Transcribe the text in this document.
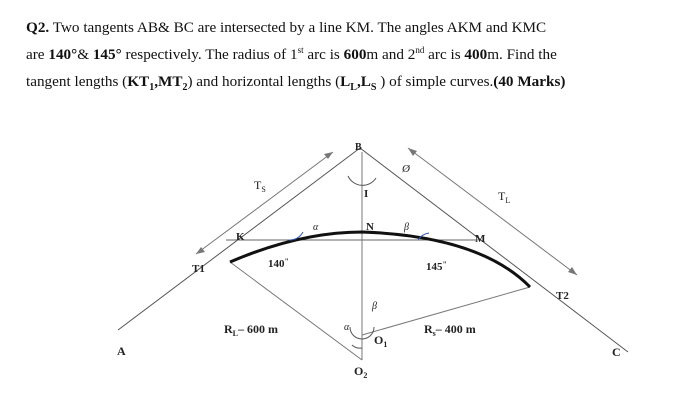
Q2. Two tangents AB& BC are intersected by a line KM. The angles AKM and KMC
are 140°& 145° respectively. The radius of 1st arc is 600m and 2nd arc is 400m. Find the
tangent lengths $(KT_1,MT_2)$ and horizontal lengths ($L_L,L_S$ ) of simple curves.(40 Marks)
A
B
C
K	M
N
T1
T2
$T_S$	$T_L$
I
Ø
α	β
β
α
$O_1$
$O_2$
140"	145"
$R_L-$ 600 m	$R_s-$ 400 m
